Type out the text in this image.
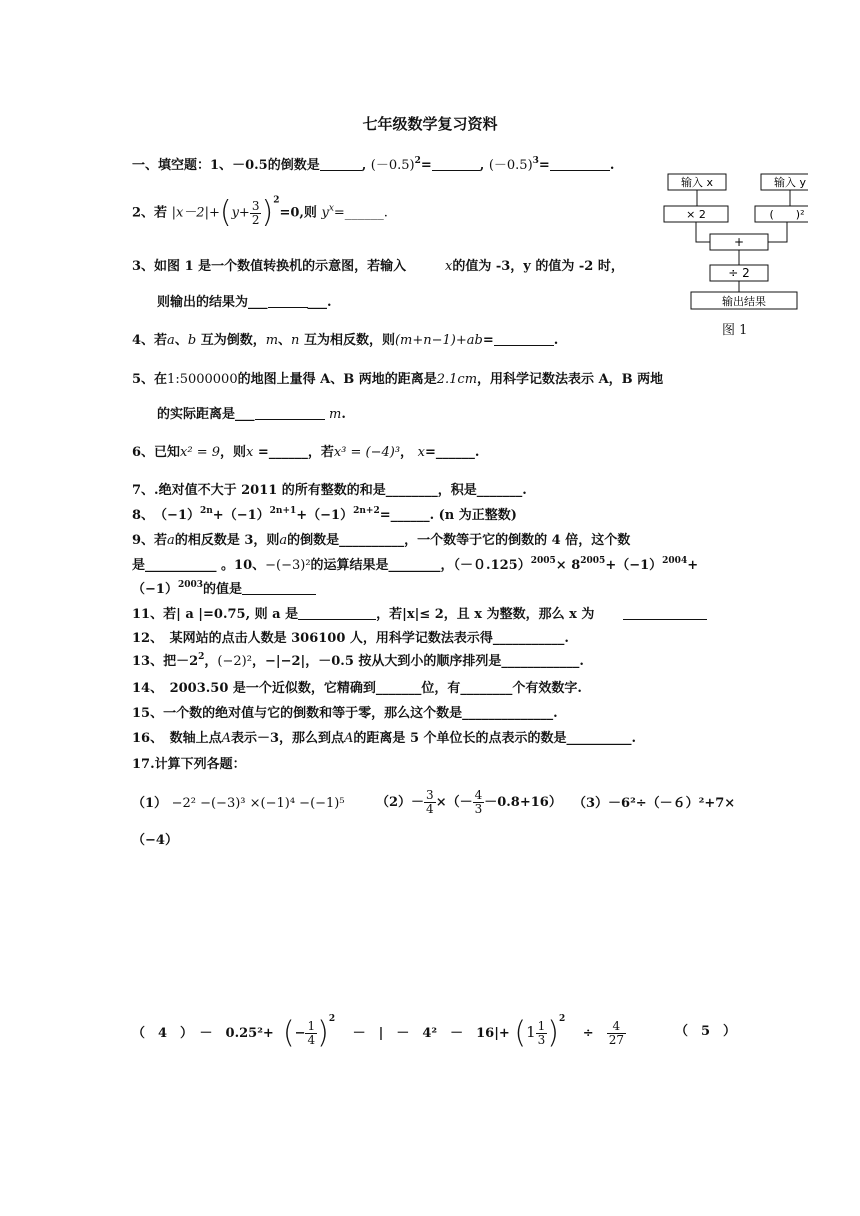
七年级数学复习资料
一、填空题：1、－0.5的倒数是	, $(-0.5)^2=$	, $(-0.5)^3=$	.
2、若 $|x-2|+(y+ \frac{3}{2} )^2=0$,则 $y^x=\_\_\_\_\_\_$.
3、如图 1 是一个数值转换机的示意图，若输入	x的值为 -3，y 的值为 -2 时，
则输出的结果为___	___.
4、若a、b 互为倒数，m、n 互为相反数，则(m+n−1)+ab=	.
5、在1:5000000的地图上量得 A、B 两地的距离是2.1cm，用科学记数法表示 A，B 两地
的实际距离是___	m.
6、已知x² = 9，则x =______，若x³ = (−4)³， x=______.
7、.绝对值不大于 2011 的所有整数的和是________，积是_______.
8、　$(-1)^{2n}+(-1)^{2n+1}+(-1)^{2n+2}=\_\_\_\_\_\_$. (n 为正整数)
9、若a的相反数是 3，则a的倒数是__________，一个数等于它的倒数的 4 倍，这个数
是___________ 。10、−(−3)²的运算结果是________，$(-0.125)^{2005}\times 8^{2005}+(-1)^{2004}+$
$(-1)^{2003}$的值是
11、若| a |=0.75, 则 a 是	，若|x|≤ 2，且 x 为整数，那么 x 为
12、　某网站的点击人数是 306100 人，用科学记数法表示得___________.
13、把$-2^2$，(−2)²，−|−2|，－0.5 按从大到小的顺序排列是____________.
14、　2003.50 是一个近似数，它精确到_______位，有________个有效数字.
15、一个数的绝对值与它的倒数和等于零，那么这个数是______________.
16、　数轴上点A表示－3，那么到点A的距离是 5 个单位长的点表示的数是__________.
17.计算下列各题：
（1） −2² −(−3)³ ×(−1)⁴ −(−1)⁵ $(2)- \frac{3}{4}$ ×（－ $\frac{4}{3} -0.8+16$） （3）－6²÷（－６）²+7×
（−4）
（　4　）　－　0.25²+ (− $\frac{1}{4} )^2$ 　－　|　－　4²　－　$16|+ (1 \frac{1}{3} )^2$ 　÷　 $\frac{4}{27}$	（　5　）
输入 x	输入 y
× 2	(　　)²
+
÷ 2
输出结果
图 1
